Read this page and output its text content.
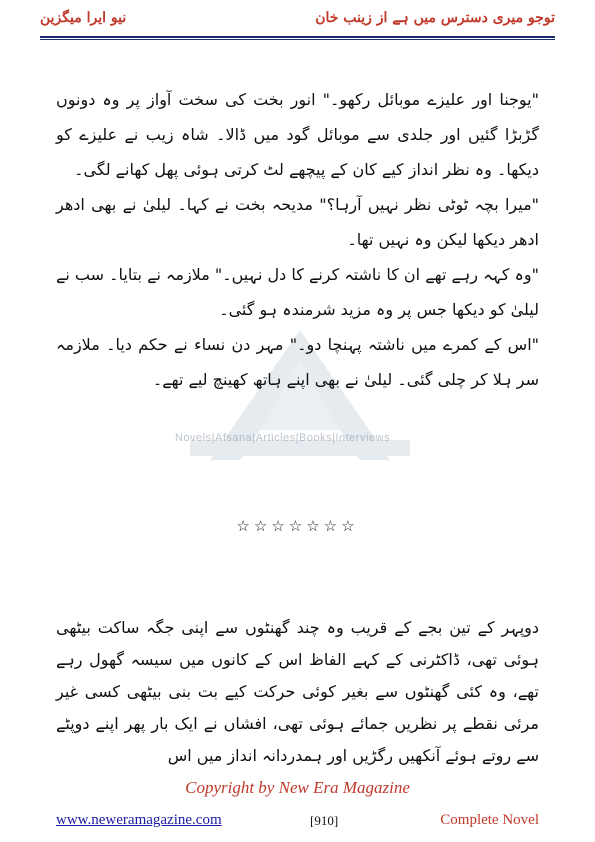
توجو میری دسترس میں ہے از زینب خان
نیو ایرا میگزین
Novels|Afsana|Articles|Books|Interviews

"یوجنا اور علیزے موبائل رکھو۔" انور بخت کی سخت آواز پر وہ دونوں گڑبڑا گئیں اور جلدی سے موبائل گود میں ڈالا۔ شاہ زیب نے علیزے کو دیکھا۔ وہ نظر انداز کیے کان کے پیچھے لٹ کرتی ہوئی پھل کھانے لگی۔

"میرا بچہ ٹوٹی نظر نہیں آرہا؟" مدیحہ بخت نے کہا۔ لیلیٰ نے بھی ادھر ادھر دیکھا لیکن وہ نہیں تھا۔

"وہ کہہ رہے تھے ان کا ناشتہ کرنے کا دل نہیں۔" ملازمہ نے بتایا۔ سب نے لیلیٰ کو دیکھا جس پر وہ مزید شرمندہ ہو گئی۔

"اس کے کمرے میں ناشتہ پہنچا دو۔" مہر دن نساء نے حکم دیا۔ ملازمہ سر ہلا کر چلی گئی۔ لیلیٰ نے بھی اپنے ہاتھ کھینچ لیے تھے۔

☆☆☆☆☆☆☆

دوپہر کے تین بجے کے قریب وہ چند گھنٹوں سے اپنی جگہ ساکت بیٹھی ہوئی تھی، ڈاکٹرنی کے کہے الفاظ اس کے کانوں میں سیسہ گھول رہے تھے، وہ کئی گھنٹوں سے بغیر کوئی حرکت کیے بت بنی بیٹھی کسی غیر مرئی نقطے پر نظریں جمائے ہوئی تھی، افشاں نے ایک بار پھر اپنے دوپٹے سے روتے ہوئے آنکھیں رگڑیں اور ہمدردانہ انداز میں اس

Copyright by New Era Magazine
www.neweramagazine.com	[910]	Complete Novel
